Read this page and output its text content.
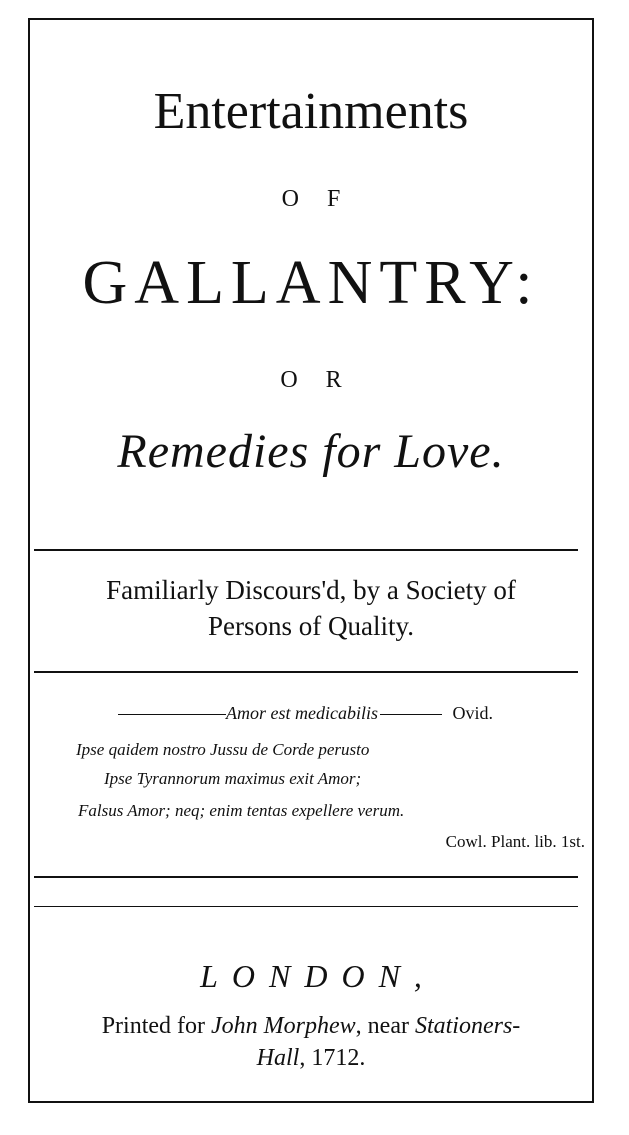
Entertainments
OF
GALLANTRY:
OR
Remedies for Love.
Familiarly Discours'd, by a Society of
Persons of Quality.
Amor est medicabilis	Ovid.
Ipse qaidem nostro Jussu de Corde perusto
Ipse Tyrannorum maximus exit Amor;
Falsus Amor; neq; enim tentas expellere verum.
Cowl. Plant. lib. 1st.
LONDON,
Printed for John Morphew, near Stationers-
Hall, 1712.
